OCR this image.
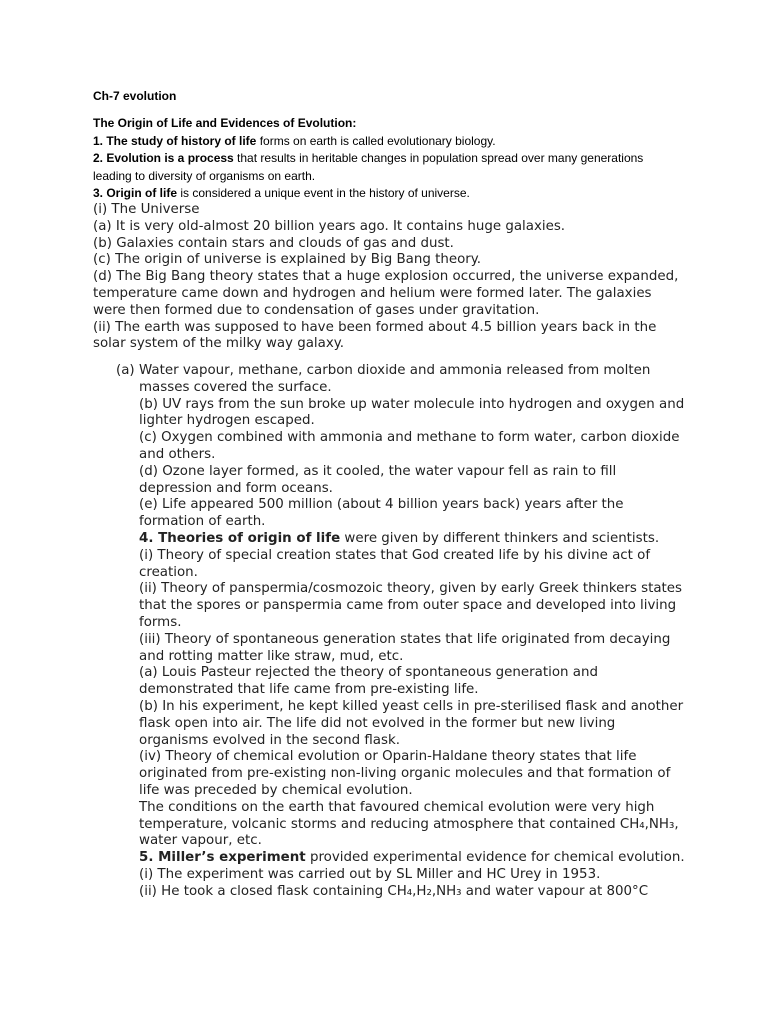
Ch-7 evolution

The Origin of Life and Evidences of Evolution:

1. The study of history of life forms on earth is called evolutionary biology.

2. Evolution is a process that results in heritable changes in population spread over many generations leading to diversity of organisms on earth.

3. Origin of life is considered a unique event in the history of universe.

(i) The Universe

(a) It is very old-almost 20 billion years ago. It contains huge galaxies.

(b) Galaxies contain stars and clouds of gas and dust.

(c) The origin of universe is explained by Big Bang theory.

(d) The Big Bang theory states that a huge explosion occurred, the universe expanded, temperature came down and hydrogen and helium were formed later. The galaxies were then formed due to condensation of gases under gravitation.

(ii) The earth was supposed to have been formed about 4.5 billion years back in the solar system of the milky way galaxy.

(a) Water vapour, methane, carbon dioxide and ammonia released from molten masses covered the surface.

(b) UV rays from the sun broke up water molecule into hydrogen and oxygen and lighter hydrogen escaped.

(c) Oxygen combined with ammonia and methane to form water, carbon dioxide and others.

(d) Ozone layer formed, as it cooled, the water vapour fell as rain to fill depression and form oceans.

(e) Life appeared 500 million (about 4 billion years back) years after the formation of earth.

4. Theories of origin of life were given by different thinkers and scientists.

(i) Theory of special creation states that God created life by his divine act of creation.

(ii) Theory of panspermia/cosmozoic theory, given by early Greek thinkers states that the spores or panspermia came from outer space and developed into living forms.

(iii) Theory of spontaneous generation states that life originated from decaying and rotting matter like straw, mud, etc.

(a) Louis Pasteur rejected the theory of spontaneous generation and demonstrated that life came from pre-existing life.

(b) In his experiment, he kept killed yeast cells in pre-sterilised flask and another flask open into air. The life did not evolved in the former but new living organisms evolved in the second flask.

(iv) Theory of chemical evolution or Oparin-Haldane theory states that life originated from pre-existing non-living organic molecules and that formation of life was preceded by chemical evolution.

The conditions on the earth that favoured chemical evolution were very high temperature, volcanic storms and reducing atmosphere that contained CH₄,NH₃, water vapour, etc.

5. Miller’s experiment provided experimental evidence for chemical evolution.

(i) The experiment was carried out by SL Miller and HC Urey in 1953.

(ii) He took a closed flask containing CH₄,H₂,NH₃ and water vapour at 800°C
